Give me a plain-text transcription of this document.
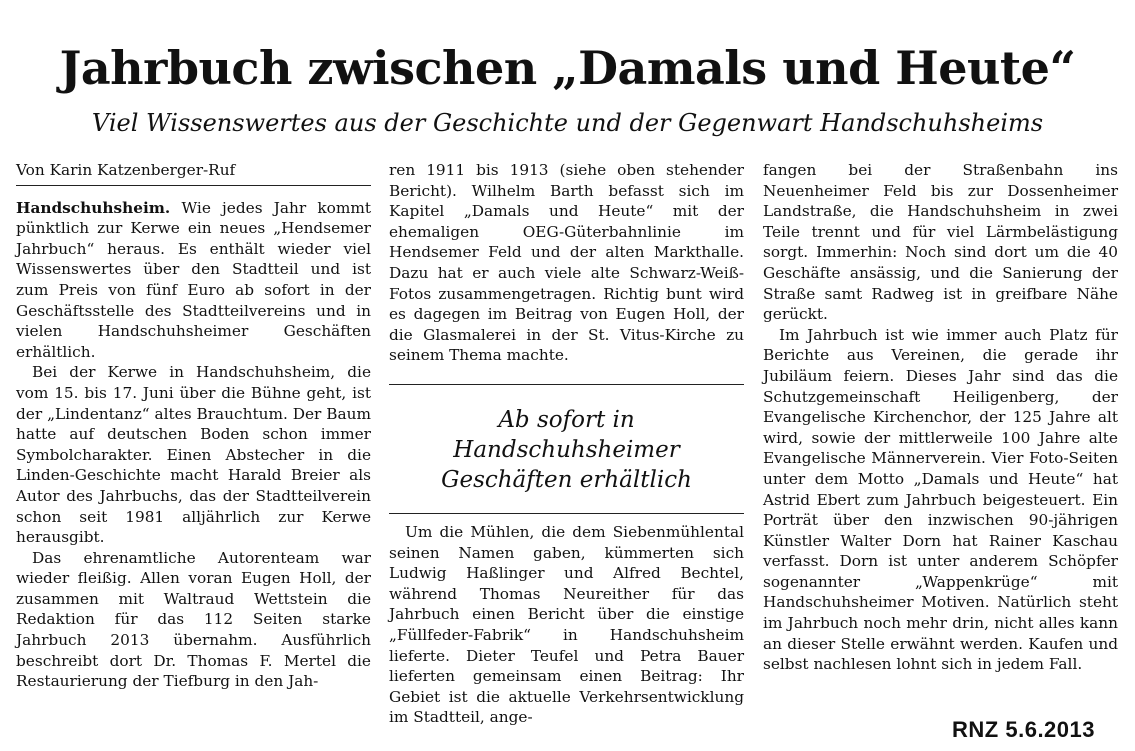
Jahrbuch zwischen „Damals und Heute“
Viel Wissenswertes aus der Geschichte und der Gegenwart Handschuhsheims
Von Karin Katzenberger-Ruf

Handschuhsheim. Wie jedes Jahr kommt pünktlich zur Kerwe ein neues „Hendsemer Jahrbuch“ heraus. Es enthält wieder viel Wissenswertes über den Stadtteil und ist zum Preis von fünf Euro ab sofort in der Geschäftsstelle des Stadtteilvereins und in vielen Handschuhsheimer Geschäften erhältlich.

Bei der Kerwe in Handschuhsheim, die vom 15. bis 17. Juni über die Bühne geht, ist der „Lindentanz“ altes Brauchtum. Der Baum hatte auf deutschen Boden schon immer Symbolcharakter. Einen Abstecher in die Linden-Geschichte macht Harald Breier als Autor des Jahrbuchs, das der Stadtteilverein schon seit 1981 alljährlich zur Kerwe herausgibt.

Das ehrenamtliche Autorenteam war wieder fleißig. Allen voran Eugen Holl, der zusammen mit Waltraud Wettstein die Redaktion für das 112 Seiten starke Jahrbuch 2013 übernahm. Ausführlich beschreibt dort Dr. Thomas F. Mertel die Restaurierung der Tiefburg in den Jah-

ren 1911 bis 1913 (siehe oben stehender Bericht). Wilhelm Barth befasst sich im Kapitel „Damals und Heute“ mit der ehemaligen OEG-Güterbahnlinie im Hendsemer Feld und der alten Markthalle. Dazu hat er auch viele alte Schwarz-Weiß-Fotos zusammengetragen. Richtig bunt wird es dagegen im Beitrag von Eugen Holl, der die Glasmalerei in der St. Vitus-Kirche zu seinem Thema machte.

Ab sofort in Handschuhsheimer Geschäften erhältlich

Um die Mühlen, die dem Siebenmühlental seinen Namen gaben, kümmerten sich Ludwig Haßlinger und Alfred Bechtel, während Thomas Neureither für das Jahrbuch einen Bericht über die einstige „Füllfeder-Fabrik“ in Handschuhsheim lieferte. Dieter Teufel und Petra Bauer lieferten gemeinsam einen Beitrag: Ihr Gebiet ist die aktuelle Verkehrsentwicklung im Stadtteil, ange-

fangen bei der Straßenbahn ins Neuenheimer Feld bis zur Dossenheimer Landstraße, die Handschuhsheim in zwei Teile trennt und für viel Lärmbelästigung sorgt. Immerhin: Noch sind dort um die 40 Geschäfte ansässig, und die Sanierung der Straße samt Radweg ist in greifbare Nähe gerückt.

Im Jahrbuch ist wie immer auch Platz für Berichte aus Vereinen, die gerade ihr Jubiläum feiern. Dieses Jahr sind das die Schutzgemeinschaft Heiligenberg, der Evangelische Kirchenchor, der 125 Jahre alt wird, sowie der mittlerweile 100 Jahre alte Evangelische Männerverein. Vier Foto-Seiten unter dem Motto „Damals und Heute“ hat Astrid Ebert zum Jahrbuch beigesteuert. Ein Porträt über den inzwischen 90-jährigen Künstler Walter Dorn hat Rainer Kaschau verfasst. Dorn ist unter anderem Schöpfer sogenannter „Wappenkrüge“ mit Handschuhsheimer Motiven. Natürlich steht im Jahrbuch noch mehr drin, nicht alles kann an dieser Stelle erwähnt werden. Kaufen und selbst nachlesen lohnt sich in jedem Fall.

RNZ 5.6.2013
